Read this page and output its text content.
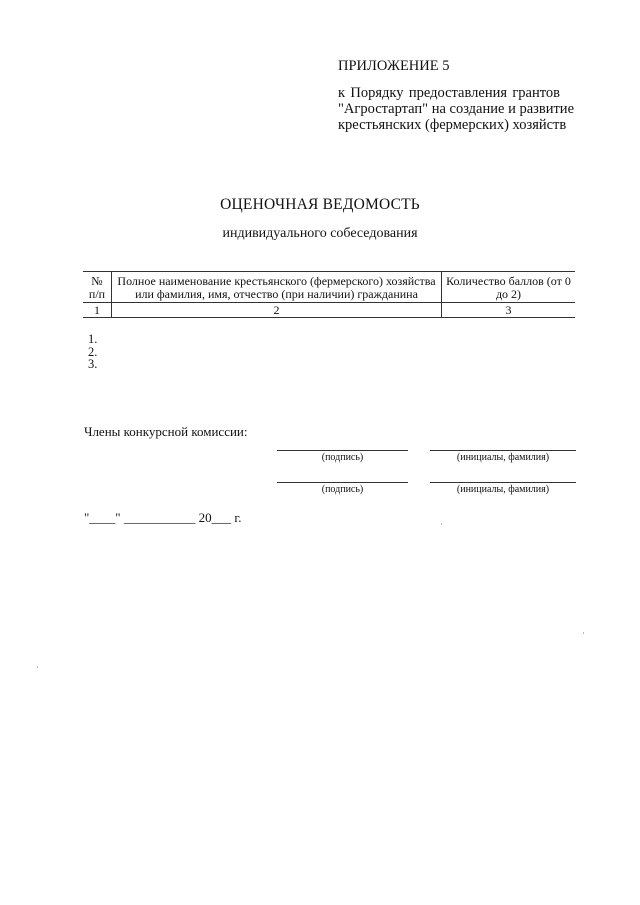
ПРИЛОЖЕНИЕ 5
к Порядку предоставления грантов
"Агростартап" на создание и развитие
крестьянских (фермерских) хозяйств
ОЦЕНОЧНАЯ ВЕДОМОСТЬ
индивидуального собеседования
№ п/п	Полное наименование крестьянского (фермерского) хозяйства или фамилия, имя, отчество (при наличии) гражданина	Количество баллов (от 0 до 2)
1	2	3
1.
2.
3.
Члены конкурсной комиссии:
(подпись)	(инициалы, фамилия)
(подпись)	(инициалы, фамилия)
"____" ___________ 20___ г.
